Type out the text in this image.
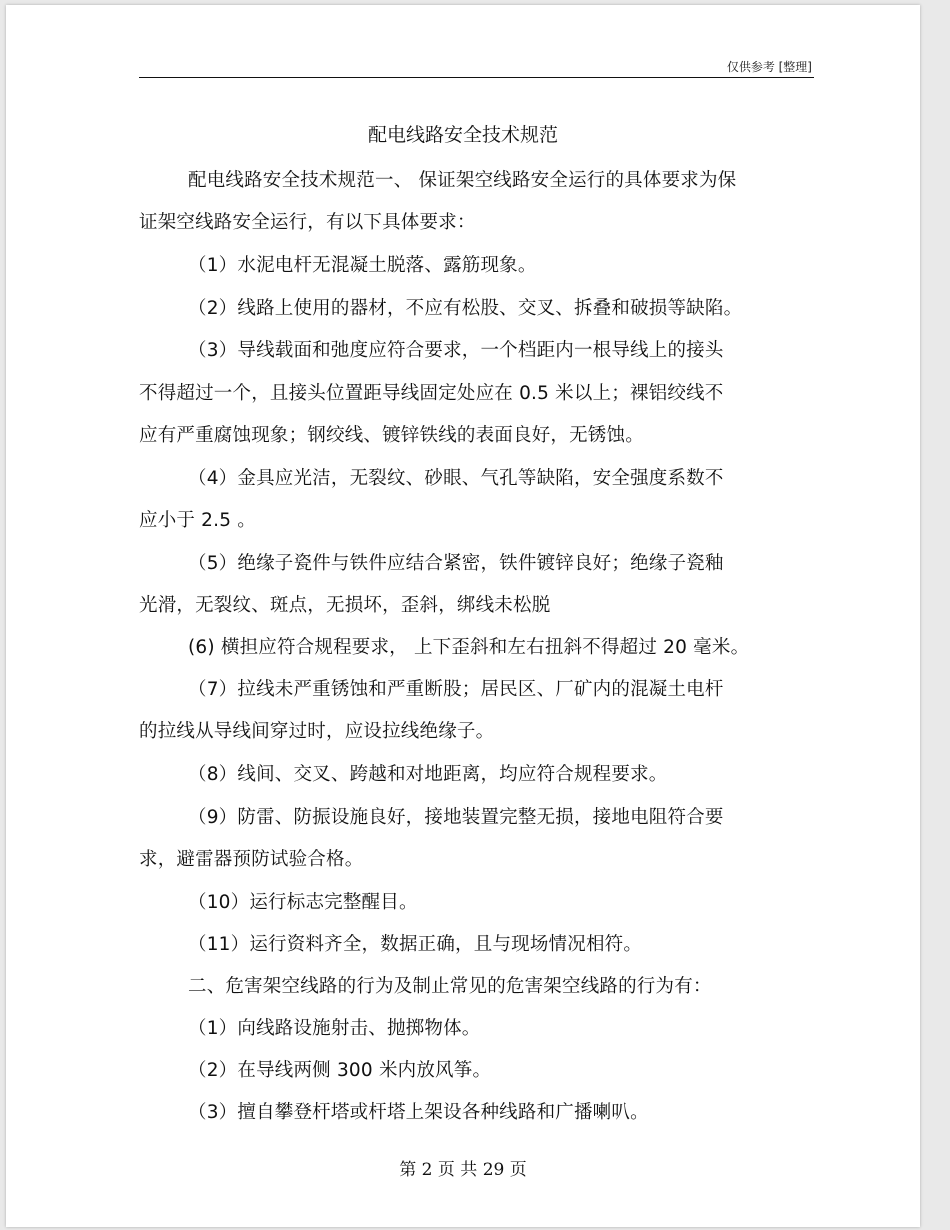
仅供参考 [整理]
配电线路安全技术规范
配电线路安全技术规范一、 保证架空线路安全运行的具体要求为保
证架空线路安全运行，有以下具体要求：
（1）水泥电杆无混凝土脱落、露筋现象。
（2）线路上使用的器材，不应有松股、交叉、拆叠和破损等缺陷。
（3）导线载面和弛度应符合要求，一个档距内一根导线上的接头
不得超过一个，且接头位置距导线固定处应在 0.5 米以上；裸铝绞线不
应有严重腐蚀现象；钢绞线、镀锌铁线的表面良好，无锈蚀。
（4）金具应光洁，无裂纹、砂眼、气孔等缺陷，安全强度系数不
应小于 2.5 。
（5）绝缘子瓷件与铁件应结合紧密，铁件镀锌良好；绝缘子瓷釉
光滑，无裂纹、斑点，无损坏，歪斜，绑线未松脱
(6) 横担应符合规程要求， 上下歪斜和左右扭斜不得超过 20 毫米。
（7）拉线未严重锈蚀和严重断股；居民区、厂矿内的混凝土电杆
的拉线从导线间穿过时，应设拉线绝缘子。
（8）线间、交叉、跨越和对地距离，均应符合规程要求。
（9）防雷、防振设施良好，接地装置完整无损，接地电阻符合要
求，避雷器预防试验合格。
（10）运行标志完整醒目。
（11）运行资料齐全，数据正确，且与现场情况相符。
二、危害架空线路的行为及制止常见的危害架空线路的行为有：
（1）向线路设施射击、抛掷物体。
（2）在导线两侧 300 米内放风筝。
（3）擅自攀登杆塔或杆塔上架设各种线路和广播喇叭。
第 2 页 共 29 页
